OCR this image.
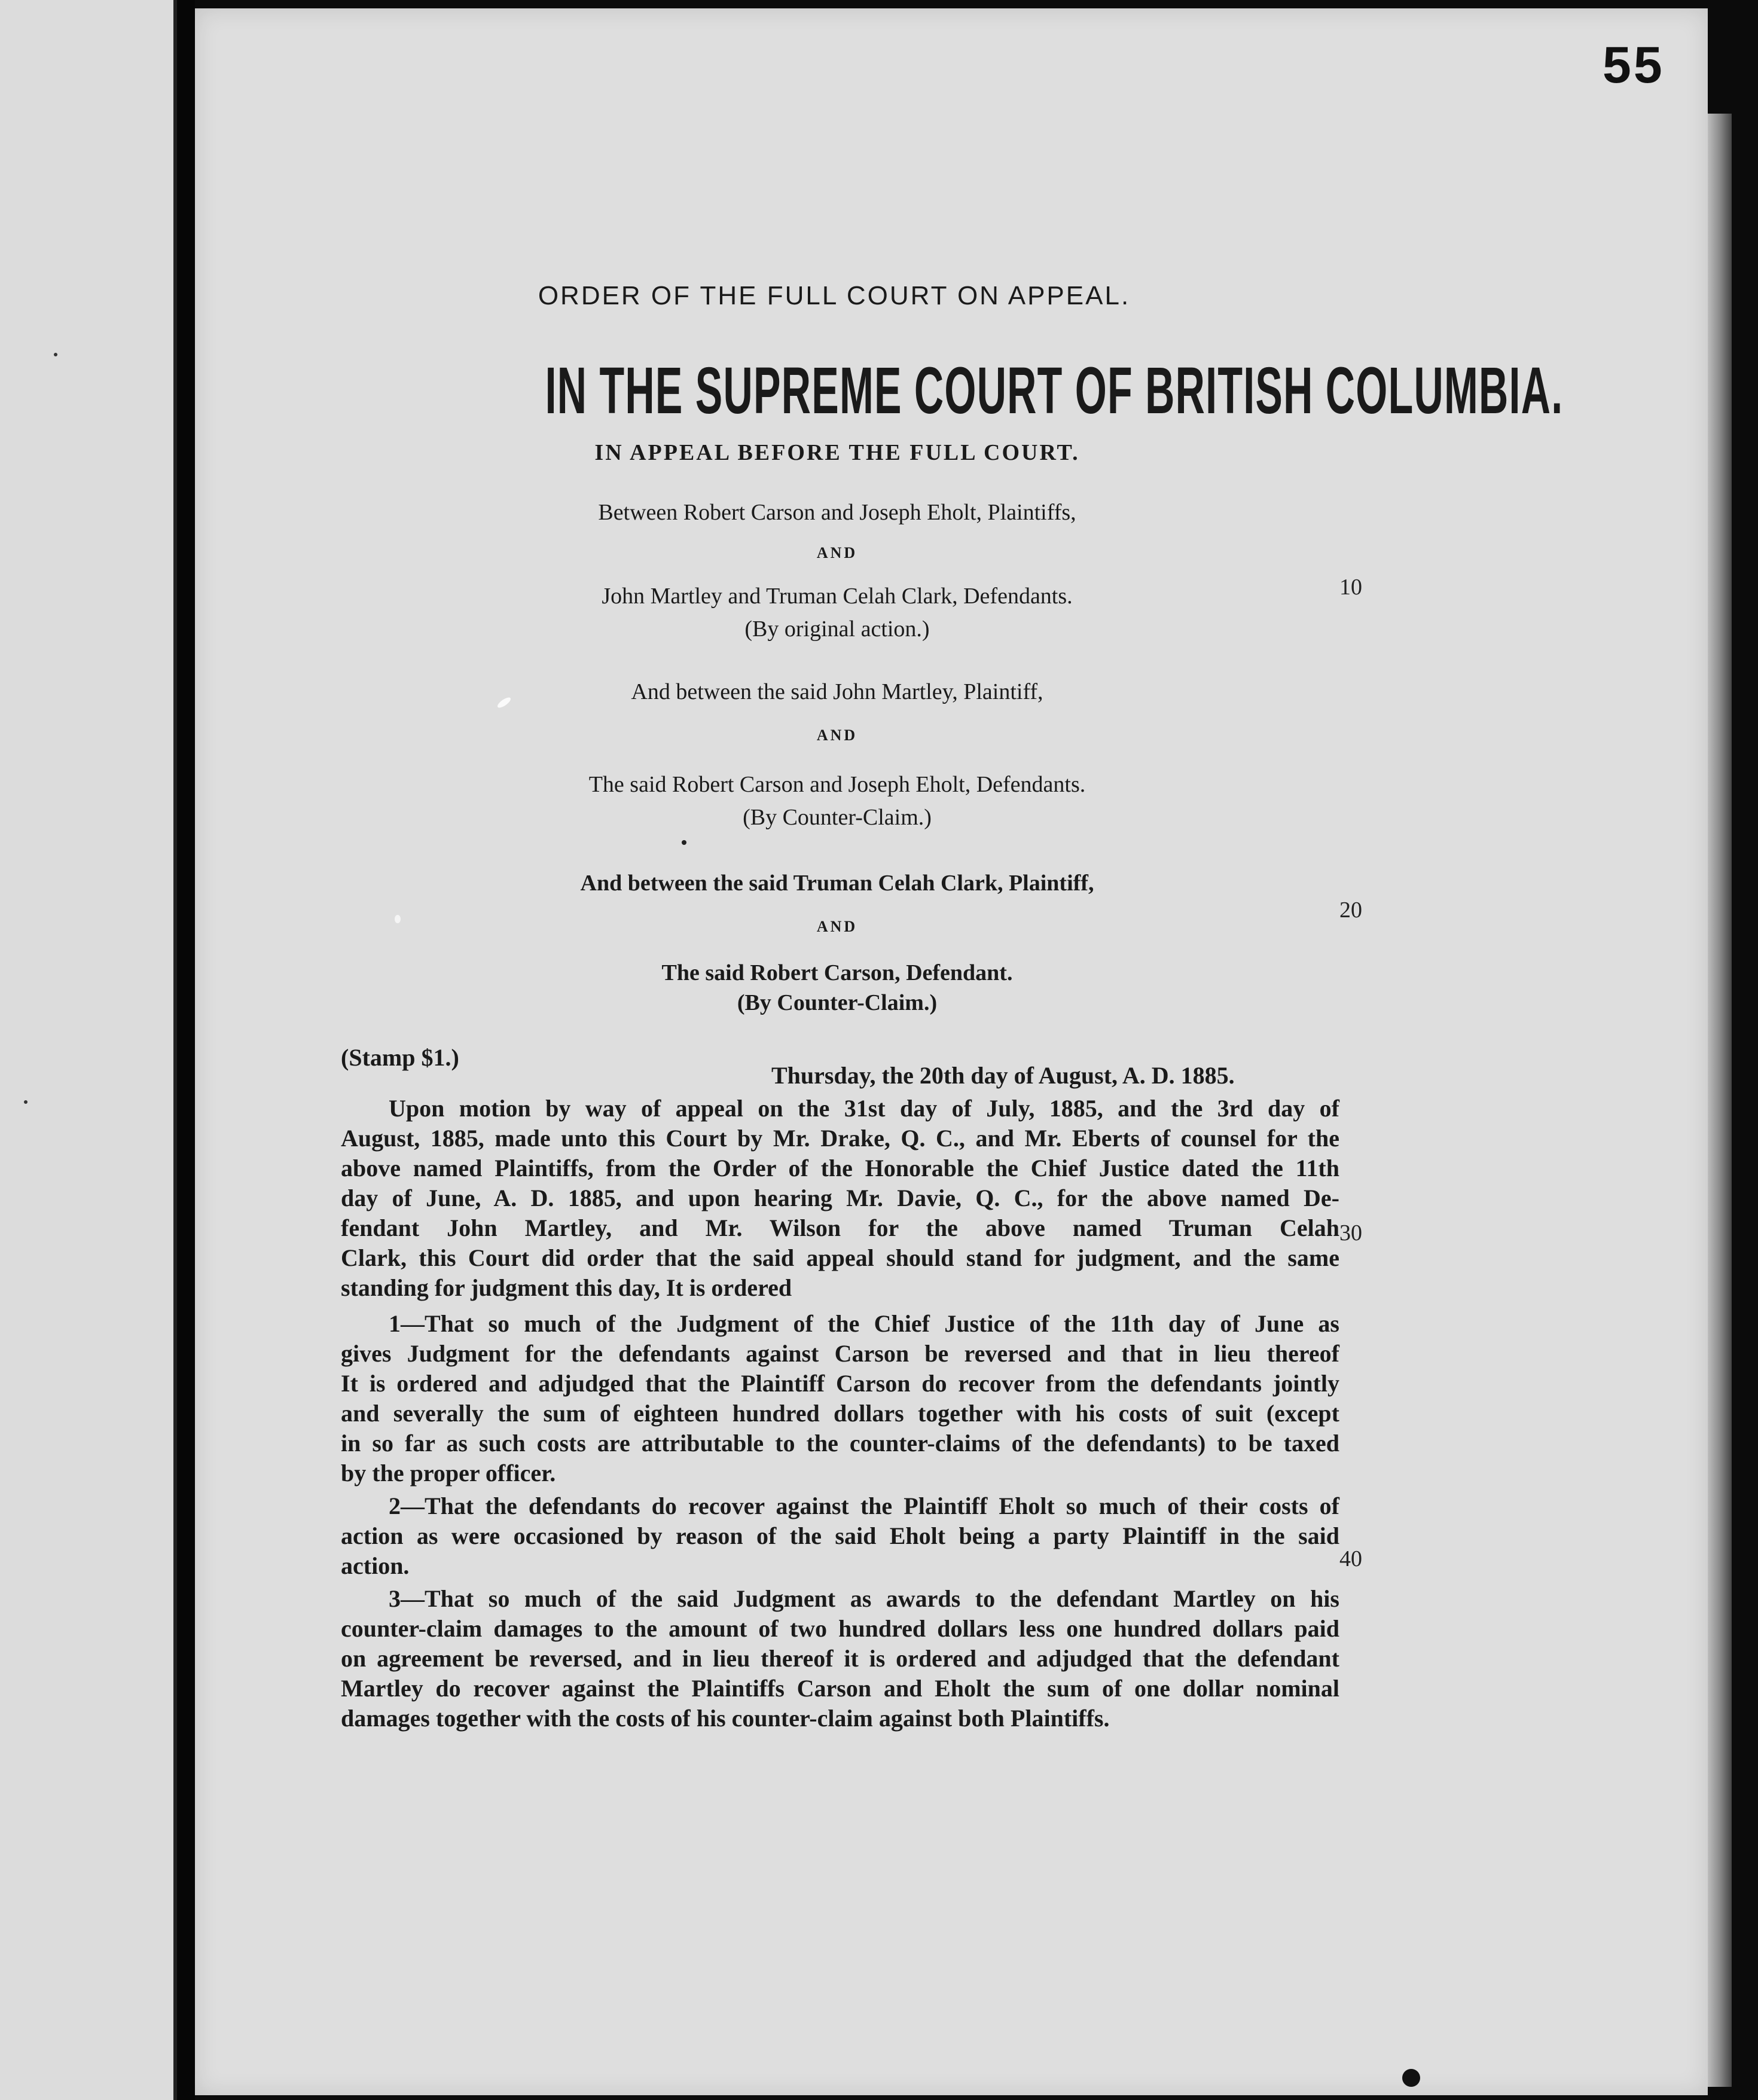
55
ORDER OF THE FULL COURT ON APPEAL.
IN THE SUPREME COURT OF BRITISH COLUMBIA.
IN APPEAL BEFORE THE FULL COURT.
Between Robert Carson and Joseph Eholt, Plaintiffs,
AND
John Martley and Truman Celah Clark, Defendants.
(By original action.)
And between the said John Martley, Plaintiff,
AND
The said Robert Carson and Joseph Eholt, Defendants.
(By Counter-Claim.)
And between the said Truman Celah Clark, Plaintiff,
AND
The said Robert Carson, Defendant.
(By Counter-Claim.)
10
20
30
40
(Stamp $1.)
Thursday, the 20th day of August, A. D. 1885.
Upon motion by way of appeal on the 31st day of July, 1885, and the 3rd day of
August, 1885, made unto this Court by Mr. Drake, Q. C., and Mr. Eberts of counsel for the
above named Plaintiffs, from the Order of the Honorable the Chief Justice dated the 11th
day of June, A. D. 1885, and upon hearing Mr. Davie, Q. C., for the above named De-
fendant John Martley, and Mr. Wilson for the above named Truman Celah
Clark, this Court did order that the said appeal should stand for judgment, and the same
standing for judgment this day, It is ordered
1—That so much of the Judgment of the Chief Justice of the 11th day of June as
gives Judgment for the defendants against Carson be reversed and that in lieu thereof
It is ordered and adjudged that the Plaintiff Carson do recover from the defendants jointly
and severally the sum of eighteen hundred dollars together with his costs of suit (except
in so far as such costs are attributable to the counter-claims of the defendants) to be taxed
by the proper officer.
2—That the defendants do recover against the Plaintiff Eholt so much of their costs of
action as were occasioned by reason of the said Eholt being a party Plaintiff in the said
action.
3—That so much of the said Judgment as awards to the defendant Martley on his
counter-claim damages to the amount of two hundred dollars less one hundred dollars paid
on agreement be reversed, and in lieu thereof it is ordered and adjudged that the defendant
Martley do recover against the Plaintiffs Carson and Eholt the sum of one dollar nominal
damages together with the costs of his counter-claim against both Plaintiffs.
